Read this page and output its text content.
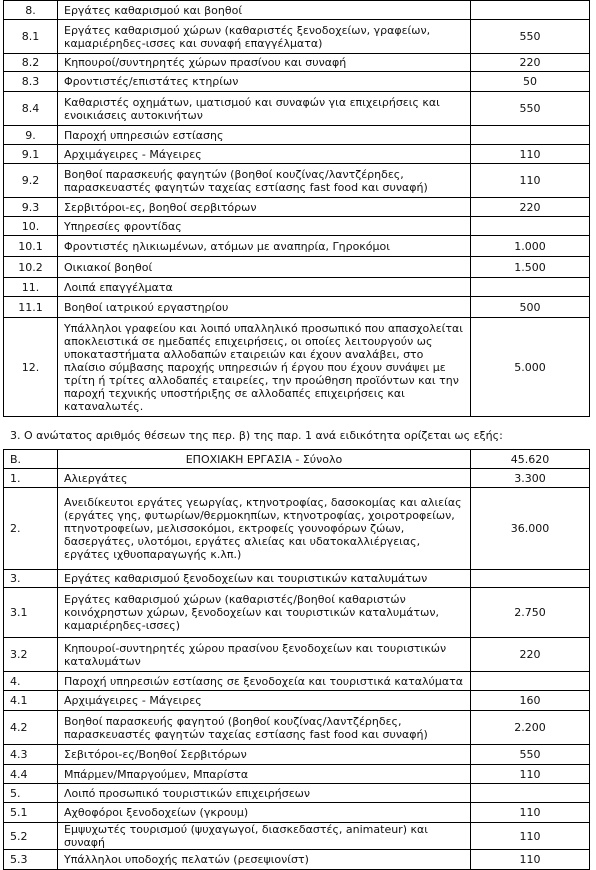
8.	Εργάτες καθαρισμού και βοηθοί	
8.1	Εργάτες καθαρισμού χώρων (καθαριστές ξενοδοχείων, γραφείων, καμαριέρηδες-ισσες και συναφή επαγγέλματα)	550
8.2	Κηπουροί/συντηρητές χώρων πρασίνου και συναφή	220
8.3	Φροντιστές/επιστάτες κτηρίων	50
8.4	Καθαριστές οχημάτων, ιματισμού και συναφών για επιχειρήσεις και ενοικιάσεις αυτοκινήτων	550
9.	Παροχή υπηρεσιών εστίασης	
9.1	Αρχιμάγειρες - Μάγειρες	110
9.2	Βοηθοί παρασκευής φαγητών (βοηθοί κουζίνας/λαντζέρηδες, παρασκευαστές φαγητών ταχείας εστίασης fast food και συναφή)	110
9.3	Σερβιτόροι-ες, βοηθοί σερβιτόρων	220
10.	Υπηρεσίες φροντίδας	
10.1	Φροντιστές ηλικιωμένων, ατόμων με αναπηρία, Γηροκόμοι	1.000
10.2	Οικιακοί βοηθοί	1.500
11.	Λοιπά επαγγέλματα	
11.1	Βοηθοί ιατρικού εργαστηρίου	500
12.	Υπάλληλοι γραφείου και λοιπό υπαλληλικό προσωπικό που απασχολείται αποκλειστικά σε ημεδαπές επιχειρήσεις, οι οποίες λειτουργούν ως υποκαταστήματα αλλοδαπών εταιρειών και έχουν αναλάβει, στο πλαίσιο σύμβασης παροχής υπηρεσιών ή έργου που έχουν συνάψει με τρίτη ή τρίτες αλλοδαπές εταιρείες, την προώθηση προϊόντων και την παροχή τεχνικής υποστήριξης σε αλλοδαπές επιχειρήσεις και καταναλωτές.	5.000
3. Ο ανώτατος αριθμός θέσεων της περ. β) της παρ. 1 ανά ειδικότητα ορίζεται ως εξής:
Β.	ΕΠΟΧΙΑΚΗ ΕΡΓΑΣΙΑ - Σύνολο	45.620
1.	Αλιεργάτες	3.300
2.	Ανειδίκευτοι εργάτες γεωργίας, κτηνοτροφίας, δασοκομίας και αλιείας (εργάτες γης, φυτωρίων/θερμοκηπίων, κτηνοτροφίας, χοιροτροφείων, πτηνοτροφείων, μελισσοκόμοι, εκτροφείς γουνοφόρων ζώων, δασεργάτες, υλοτόμοι, εργάτες αλιείας και υδατοκαλλιέργειας, εργάτες ιχθυοπαραγωγής κ.λπ.)	36.000
3.	Εργάτες καθαρισμού ξενοδοχείων και τουριστικών καταλυμάτων	
3.1	Εργάτες καθαρισμού χώρων (καθαριστές/βοηθοί καθαριστών κοινόχρηστων χώρων, ξενοδοχείων και τουριστικών καταλυμάτων, καμαριέρηδες-ισσες)	2.750
3.2	Κηπουροί-συντηρητές χώρου πρασίνου ξενοδοχείων και τουριστικών καταλυμάτων	220
4.	Παροχή υπηρεσιών εστίασης σε ξενοδοχεία και τουριστικά καταλύματα	
4.1	Αρχιμάγειρες - Μάγειρες	160
4.2	Βοηθοί παρασκευής φαγητού (βοηθοί κουζίνας/λαντζέρηδες, παρασκευαστές φαγητών ταχείας εστίασης fast food και συναφή)	2.200
4.3	Σεβιτόροι-ες/Βοηθοί Σερβιτόρων	550
4.4	Μπάρμεν/Μπαργούμεν, Μπαρίστα	110
5.	Λοιπό προσωπικό τουριστικών επιχειρήσεων	
5.1	Αχθοφόροι ξενοδοχείων (γκρουμ)	110
5.2	Εμψυχωτές τουρισμού (ψυχαγωγοί, διασκεδαστές, animateur) και συναφή	110
5.3	Υπάλληλοι υποδοχής πελατών (ρεσεψιονίστ)	110
